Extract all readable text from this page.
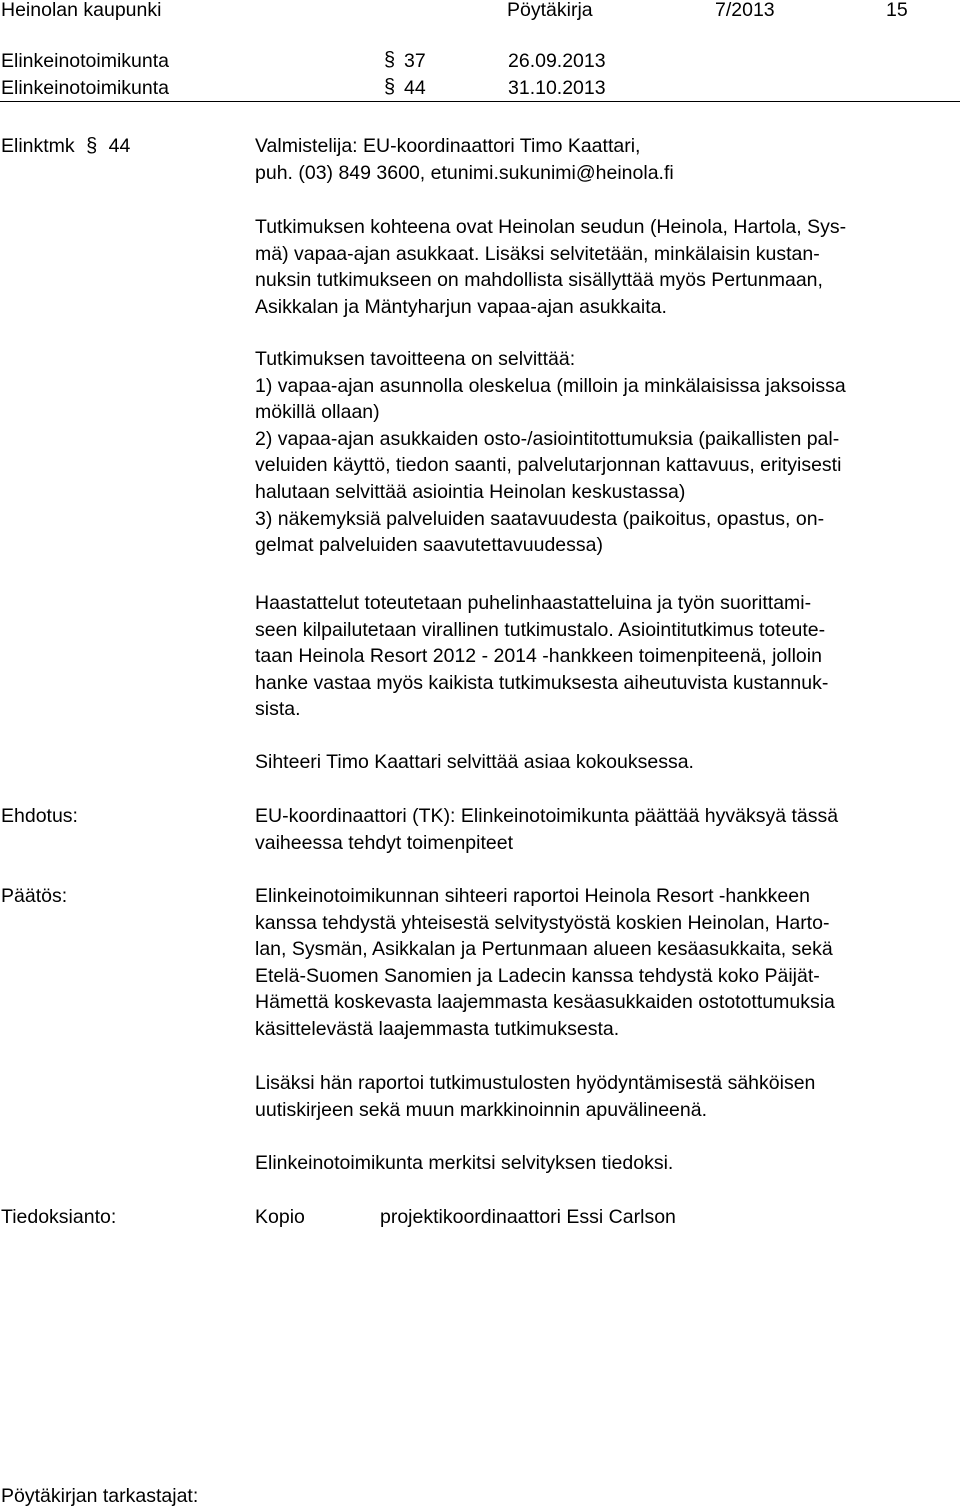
Heinolan kaupunki	Pöytäkirja	7/2013	15
Elinkeinotoimikunta	§ 37	26.09.2013
Elinkeinotoimikunta	§ 44	31.10.2013
Elinktmk § 44	Valmistelija: EU-koordinaattori Timo Kaattari,

puh. (03) 849 3600, etunimi.sukunimi@heinola.fi

Tutkimuksen kohteena ovat Heinolan seudun (Heinola, Hartola, Sys-

mä) vapaa-ajan asukkaat. Lisäksi selvitetään, minkälaisin kustan-

nuksin tutkimukseen on mahdollista sisällyttää myös Pertunmaan,

Asikkalan ja Mäntyharjun vapaa-ajan asukkaita.

Tutkimuksen tavoitteena on selvittää:

1) vapaa-ajan asunnolla oleskelua (milloin ja minkälaisissa jaksoissa

mökillä ollaan)

2) vapaa-ajan asukkaiden osto-/asiointitottumuksia (paikallisten pal-

veluiden käyttö, tiedon saanti, palvelutarjonnan kattavuus, erityisesti

halutaan selvittää asiointia Heinolan keskustassa)

3) näkemyksiä palveluiden saatavuudesta (paikoitus, opastus, on-

gelmat palveluiden saavutettavuudessa)

Haastattelut toteutetaan puhelinhaastatteluina ja työn suorittami-

seen kilpailutetaan virallinen tutkimustalo. Asiointitutkimus toteute-

taan Heinola Resort 2012 - 2014 -hankkeen toimenpiteenä, jolloin

hanke vastaa myös kaikista tutkimuksesta aiheutuvista kustannuk-

sista.

Sihteeri Timo Kaattari selvittää asiaa kokouksessa.

Ehdotus:	EU-koordinaattori (TK): Elinkeinotoimikunta päättää hyväksyä tässä

vaiheessa tehdyt toimenpiteet

Päätös:	Elinkeinotoimikunnan sihteeri raportoi Heinola Resort -hankkeen

kanssa tehdystä yhteisestä selvitystyöstä koskien Heinolan, Harto-

lan, Sysmän, Asikkalan ja Pertunmaan alueen kesäasukkaita, sekä

Etelä-Suomen Sanomien ja Ladecin kanssa tehdystä koko Päijät-

Hämettä koskevasta laajemmasta kesäasukkaiden ostotottumuksia

käsittelevästä laajemmasta tutkimuksesta.

Lisäksi hän raportoi tutkimustulosten hyödyntämisestä sähköisen

uutiskirjeen sekä muun markkinoinnin apuvälineenä.

Elinkeinotoimikunta merkitsi selvityksen tiedoksi.

Tiedoksianto:	Kopio	projektikoordinaattori Essi Carlson
Pöytäkirjan tarkastajat:
